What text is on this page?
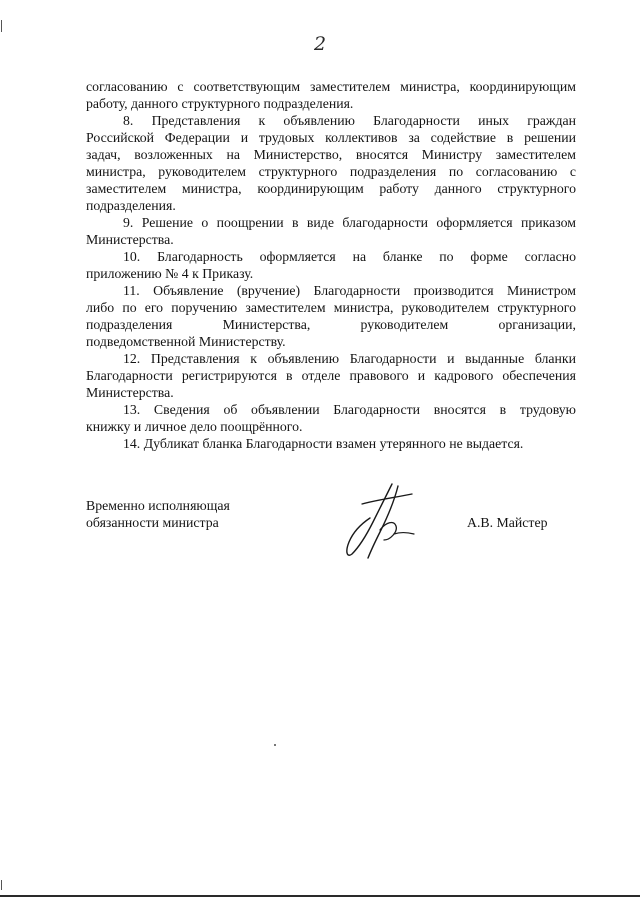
2
согласованию с соответствующим заместителем министра, координирующим
работу, данного структурного подразделения.
8. Представления к объявлению Благодарности иных граждан
Российской Федерации и трудовых коллективов за содействие в решении
задач, возложенных на Министерство, вносятся Министру заместителем
министра, руководителем структурного подразделения по согласованию с
заместителем министра, координирующим работу данного структурного
подразделения.
9. Решение о поощрении в виде благодарности оформляется приказом
Министерства.
10. Благодарность оформляется на бланке по форме согласно
приложению № 4 к Приказу.
11. Объявление (вручение) Благодарности производится Министром
либо по его поручению заместителем министра, руководителем структурного
подразделения Министерства, руководителем организации,
подведомственной Министерству.
12. Представления к объявлению Благодарности и выданные бланки
Благодарности регистрируются в отделе правового и кадрового обеспечения
Министерства.
13. Сведения об объявлении Благодарности вносятся в трудовую
книжку и личное дело поощрённого.
14. Дубликат бланка Благодарности взамен утерянного не выдается.
Временно исполняющая
обязанности министра	А.В. Майстер
